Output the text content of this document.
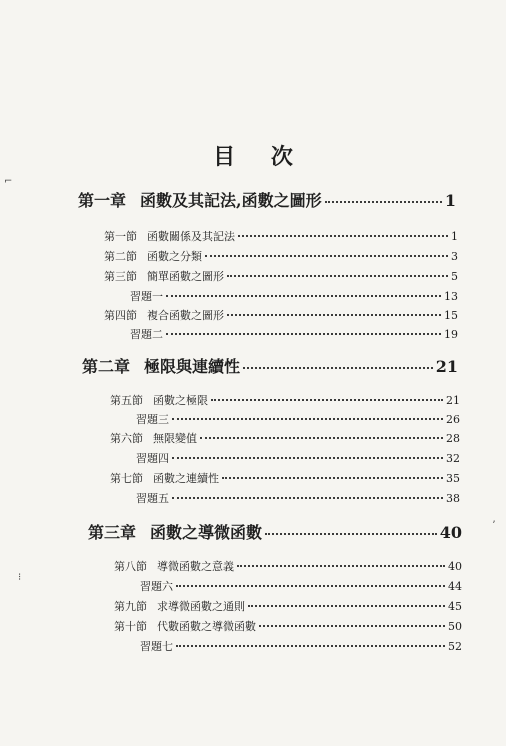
目 次
第一章 函數及其記法,函數之圖形	1
第一節 函數關係及其記法	1
第二節 函數之分類	3
第三節 簡單函數之圖形	5
習題一	13
第四節 複合函數之圖形	15
習題二	19
第二章 極限與連續性	21
第五節 函數之極限	21
習題三	26
第六節 無限變值	28
習題四	32
第七節 函數之連續性	35
習題五	38
第三章 函數之導微函數	40
第八節 導微函數之意義	40
習題六	44
第九節 求導微函數之通則	45
第十節 代數函數之導微函數	50
習題七	52
⌐
⁝
ʼ
